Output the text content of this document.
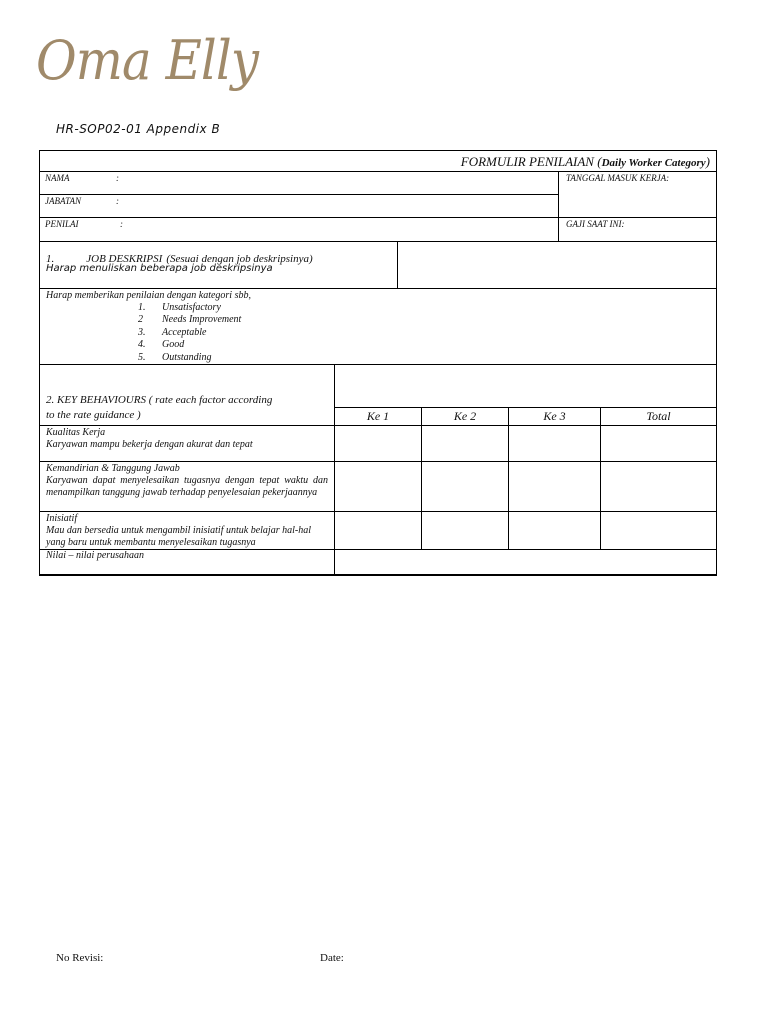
Oma Elly
HR-SOP02-01 Appendix B
FORMULIR PENILAIAN (Daily Worker Category)
NAMA	:
JABATAN	:
PENILAI	:
TANGGAL MASUK KERJA:
GAJI SAAT INI:
1.	JOB DESKRIPSI (Sesuai dengan job deskripsinya)
Harap menuliskan beberapa job deskripsinya
Harap memberikan penilaian dengan kategori sbb,
1. Unsatisfactory
2 Needs Improvement
3. Acceptable
4. Good
5. Outstanding
2. KEY BEHAVIOURS ( rate each factor according
to the rate guidance )	Ke 1	Ke 2	Ke 3	Total
Kualitas Kerja
Karyawan mampu bekerja dengan akurat dan tepat
Kemandirian & Tanggung Jawab
Karyawan dapat menyelesaikan tugasnya dengan tepat waktu dan menampilkan tanggung jawab terhadap penyelesaian pekerjaannya
Inisiatif
Mau dan bersedia untuk mengambil inisiatif untuk belajar hal-hal yang baru untuk membantu menyelesaikan tugasnya
Nilai – nilai perusahaan
No Revisi:	Date:
